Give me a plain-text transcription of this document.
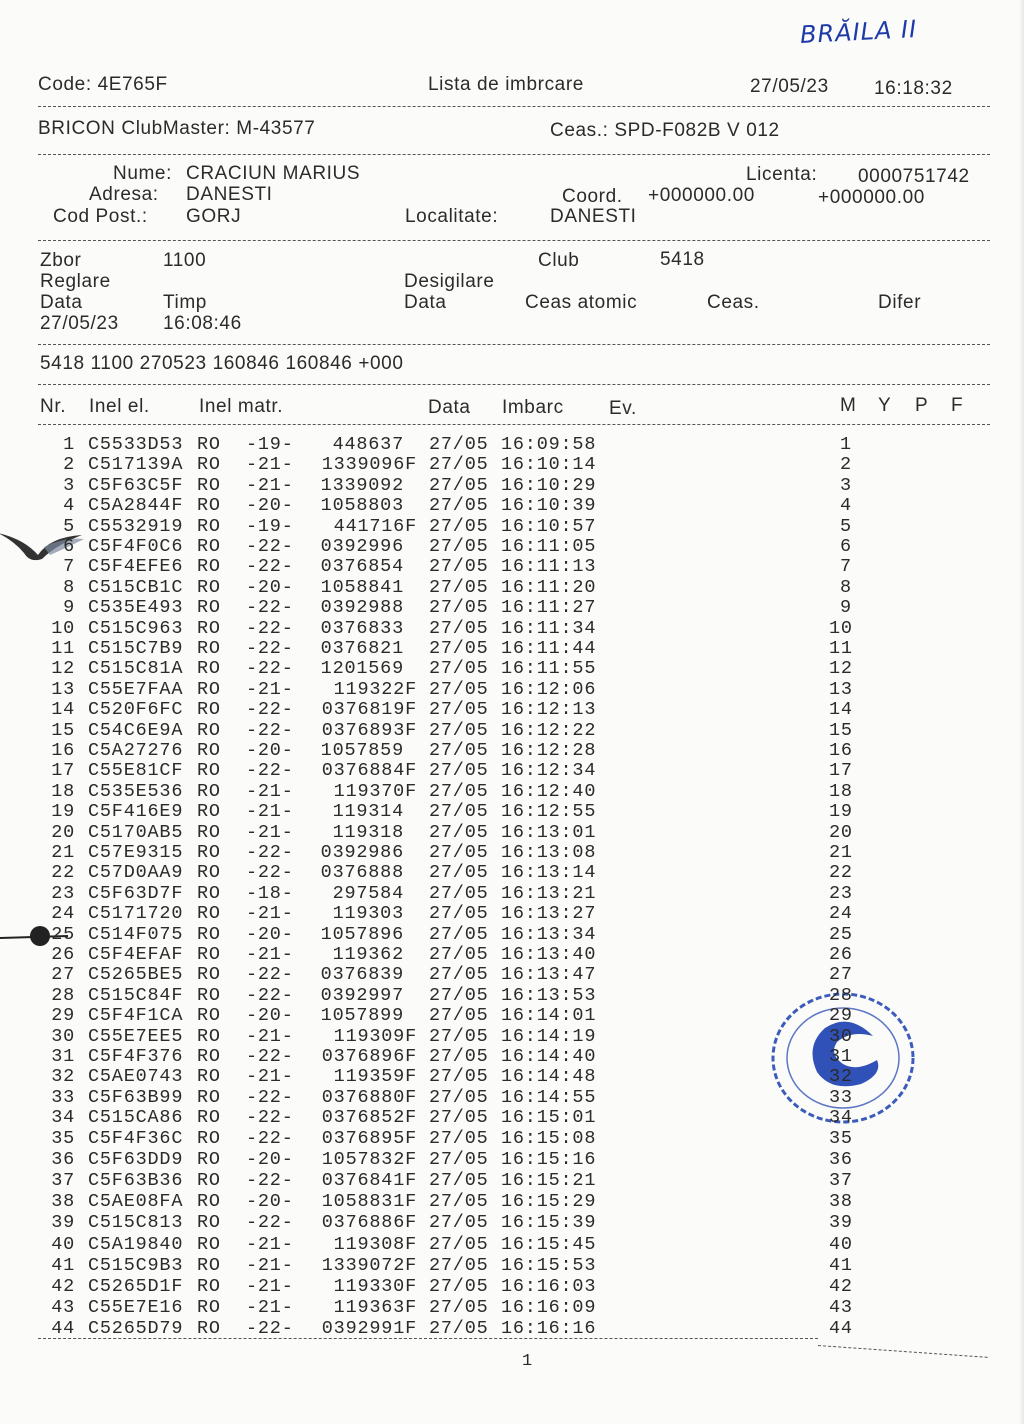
BRĂILA II
Code: 4E765F	Lista de imbrcare	27/05/23 16:18:32
BRICON ClubMaster: M-43577	Ceas.: SPD-F082B V 012
Nume: CRACIUN MARIUS
Adresa: DANESTI
Cod Post.: GORJ
Licenta: 0000751742
Coord. +000000.00	+000000.00
Localitate:	DANESTI
Zbor	1100	Club	5418
Reglare	Desigilare
Data	Timp	Data	Ceas atomic	Ceas.	Difer
27/05/23 16:08:46
5418 1100 270523 160846 160846 +000
Nr. Inel el.	Inel matr.	Data Imbarc Ev.	M Y P F
1 C5533D53 RO -19- 448637 27/05 16:09:58	1
2 C517139A RO -21- 1339096F 27/05 16:10:14	2
3 C5F63C5F RO -21- 1339092 27/05 16:10:29	3
4 C5A2844F RO -20- 1058803 27/05 16:10:39	4
5 C5532919 RO -19- 441716F 27/05 16:10:57	5
6 C5F4F0C6 RO -22- 0392996 27/05 16:11:05	6
7 C5F4EFE6 RO -22- 0376854 27/05 16:11:13	7
8 C515CB1C RO -20- 1058841 27/05 16:11:20	8
9 C535E493 RO -22- 0392988 27/05 16:11:27	9
10 C515C963 RO -22- 0376833 27/05 16:11:34	10
11 C515C7B9 RO -22- 0376821 27/05 16:11:44	11
12 C515C81A RO -22- 1201569 27/05 16:11:55	12
13 C55E7FAA RO -21- 119322F 27/05 16:12:06	13
14 C520F6FC RO -22- 0376819F 27/05 16:12:13	14
15 C54C6E9A RO -22- 0376893F 27/05 16:12:22	15
16 C5A27276 RO -20- 1057859 27/05 16:12:28	16
17 C55E81CF RO -22- 0376884F 27/05 16:12:34	17
18 C535E536 RO -21- 119370F 27/05 16:12:40	18
19 C5F416E9 RO -21- 119314 27/05 16:12:55	19
20 C5170AB5 RO -21- 119318 27/05 16:13:01	20
21 C57E9315 RO -22- 0392986 27/05 16:13:08	21
22 C57D0AA9 RO -22- 0376888 27/05 16:13:14	22
23 C5F63D7F RO -18- 297584 27/05 16:13:21	23
24 C5171720 RO -21- 119303 27/05 16:13:27	24
25 C514F075 RO -20- 1057896 27/05 16:13:34	25
26 C5F4EFAF RO -21- 119362 27/05 16:13:40	26
27 C5265BE5 RO -22- 0376839 27/05 16:13:47	27
28 C515C84F RO -22- 0392997 27/05 16:13:53	28
29 C5F4F1CA RO -20- 1057899 27/05 16:14:01	29
30 C55E7EE5 RO -21- 119309F 27/05 16:14:19	30
31 C5F4F376 RO -22- 0376896F 27/05 16:14:40	31
32 C5AE0743 RO -21- 119359F 27/05 16:14:48	32
33 C5F63B99 RO -22- 0376880F 27/05 16:14:55	33
34 C515CA86 RO -22- 0376852F 27/05 16:15:01	34
35 C5F4F36C RO -22- 0376895F 27/05 16:15:08	35
36 C5F63DD9 RO -20- 1057832F 27/05 16:15:16	36
37 C5F63B36 RO -22- 0376841F 27/05 16:15:21	37
38 C5AE08FA RO -20- 1058831F 27/05 16:15:29	38
39 C515C813 RO -22- 0376886F 27/05 16:15:39	39
40 C5A19840 RO -21- 119308F 27/05 16:15:45	40
41 C515C9B3 RO -21- 1339072F 27/05 16:15:53	41
42 C5265D1F RO -21- 119330F 27/05 16:16:03	42
43 C55E7E16 RO -21- 119363F 27/05 16:16:09	43
44 C5265D79 RO -22- 0392991F 27/05 16:16:16	44
1
